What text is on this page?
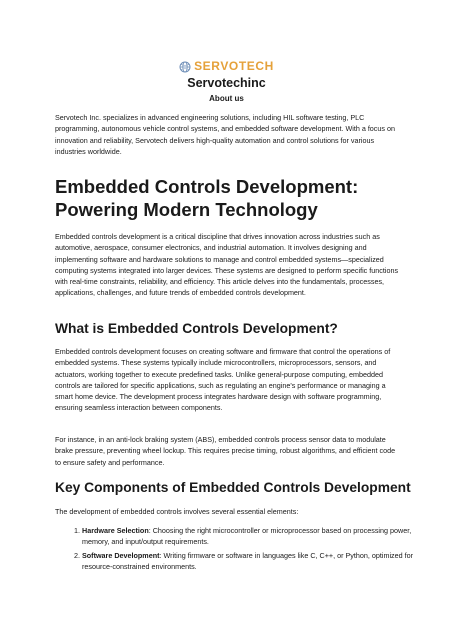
SERVOTECH
Servotechinc
About us

Servotech Inc. specializes in advanced engineering solutions, including HIL software testing, PLC programming, autonomous vehicle control systems, and embedded software development. With a focus on innovation and reliability, Servotech delivers high-quality automation and control solutions for various industries worldwide.

Embedded Controls Development:
Powering Modern Technology

Embedded controls development is a critical discipline that drives innovation across industries such as automotive, aerospace, consumer electronics, and industrial automation. It involves designing and implementing software and hardware solutions to manage and control embedded systems—specialized computing systems integrated into larger devices. These systems are designed to perform specific functions with real-time constraints, reliability, and efficiency. This article delves into the fundamentals, processes, applications, challenges, and future trends of embedded controls development.

What is Embedded Controls Development?

Embedded controls development focuses on creating software and firmware that control the operations of embedded systems. These systems typically include microcontrollers, microprocessors, sensors, and actuators, working together to execute predefined tasks. Unlike general-purpose computing, embedded controls are tailored for specific applications, such as regulating an engine's performance or managing a smart home device. The development process integrates hardware design with software programming, ensuring seamless interaction between components.

For instance, in an anti-lock braking system (ABS), embedded controls process sensor data to modulate brake pressure, preventing wheel lockup. This requires precise timing, robust algorithms, and efficient code to ensure safety and performance.

Key Components of Embedded Controls Development

The development of embedded controls involves several essential elements:

1. Hardware Selection: Choosing the right microcontroller or microprocessor based on processing power, memory, and input/output requirements.
2. Software Development: Writing firmware or software in languages like C, C++, or Python, optimized for resource-constrained environments.
